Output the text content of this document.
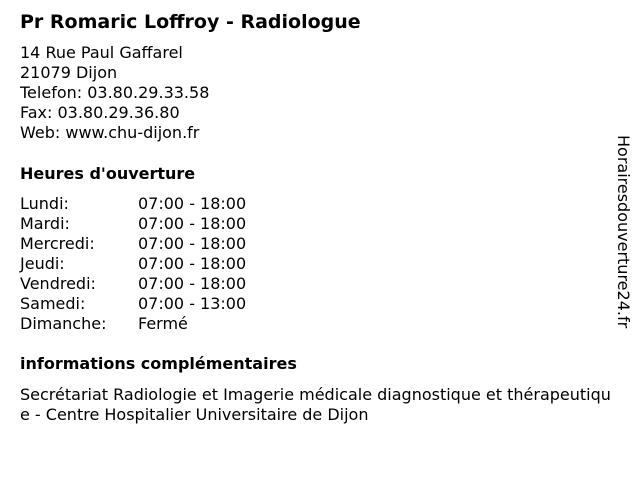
Pr Romaric Loffroy - Radiologue
14 Rue Paul Gaffarel
21079 Dijon
Telefon: 03.80.29.33.58
Fax: 03.80.29.36.80
Web: www.chu-dijon.fr
Heures d'ouverture
Lundi:	07:00 - 18:00
Mardi:	07:00 - 18:00
Mercredi:	07:00 - 18:00
Jeudi:	07:00 - 18:00
Vendredi:	07:00 - 18:00
Samedi:	07:00 - 13:00
Dimanche:	Fermé
informations complémentaires
Secrétariat Radiologie et Imagerie médicale diagnostique et thérapeutique - Centre Hospitalier Universitaire de Dijon
Horairesdouverture24.fr
